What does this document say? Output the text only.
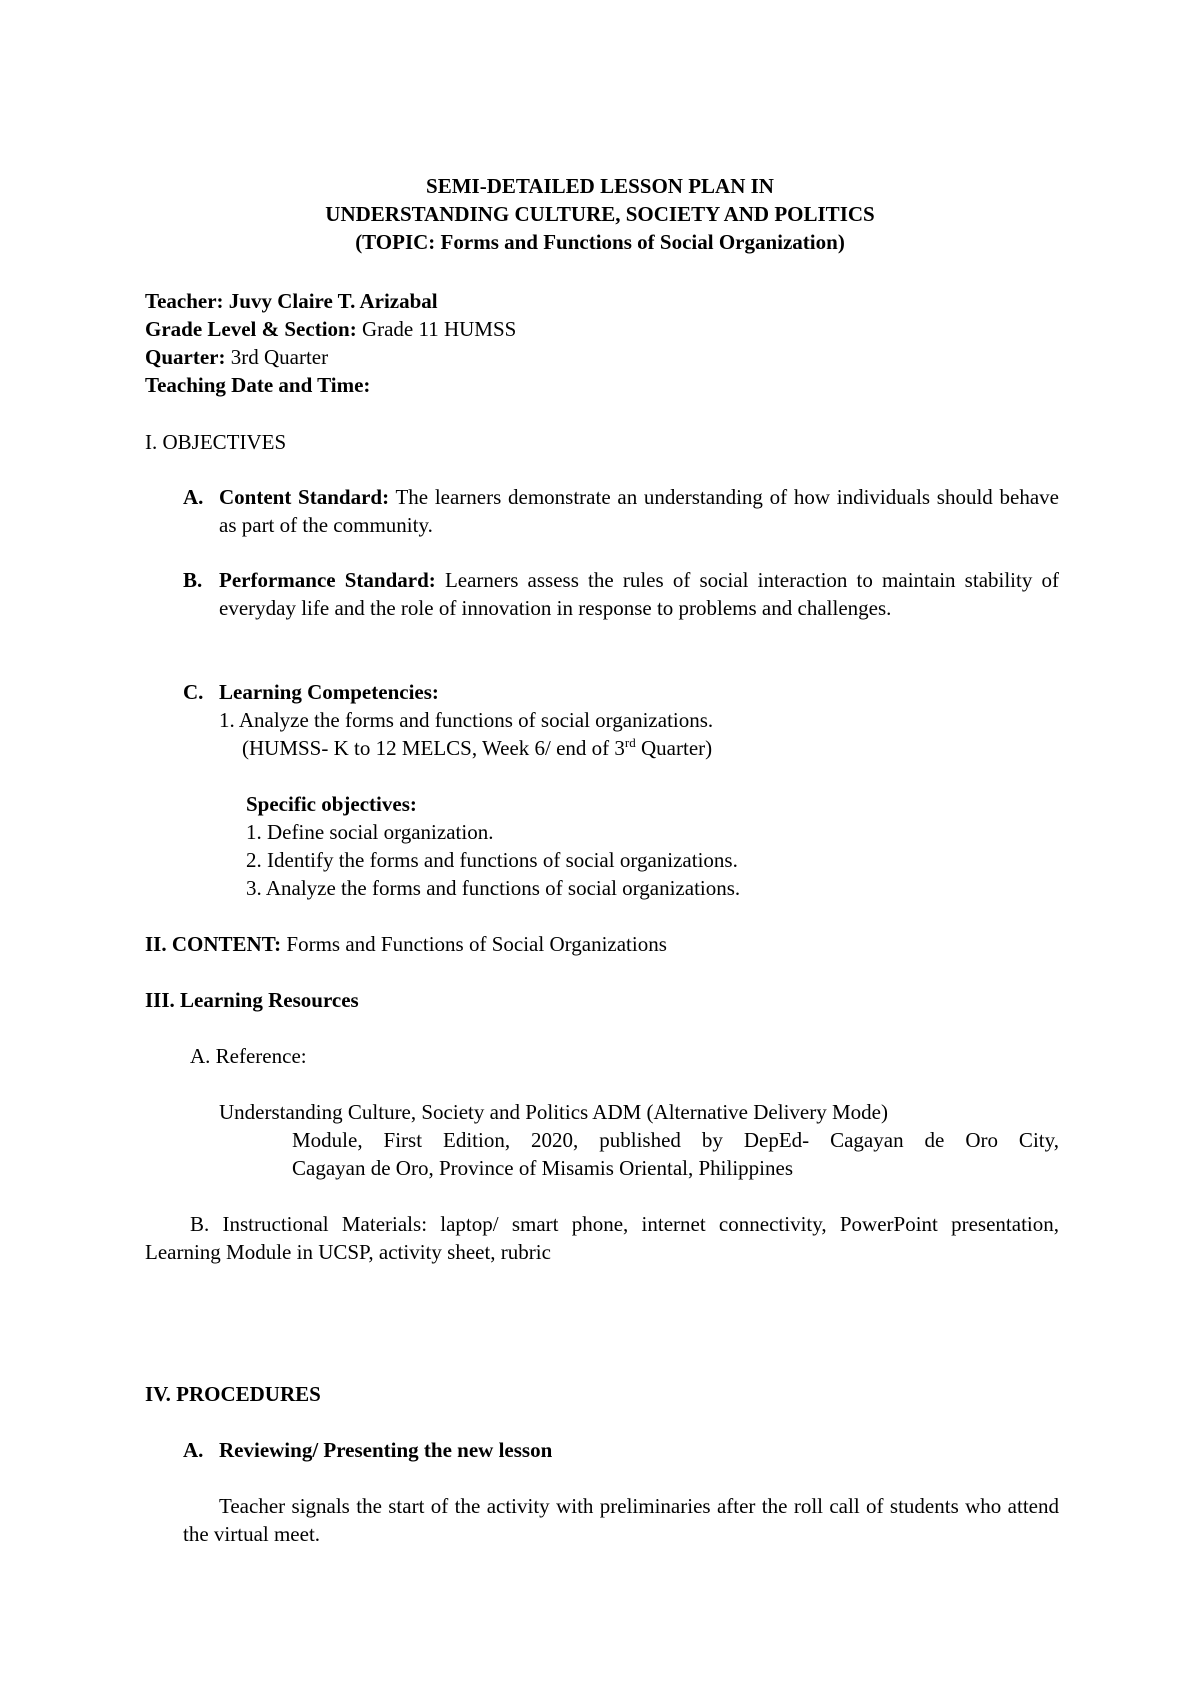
SEMI-DETAILED LESSON PLAN IN
UNDERSTANDING CULTURE, SOCIETY AND POLITICS
(TOPIC: Forms and Functions of Social Organization)
Teacher: Juvy Claire T. Arizabal
Grade Level & Section: Grade 11 HUMSS
Quarter: 3rd Quarter
Teaching Date and Time:
I. OBJECTIVES
A. Content Standard: The learners demonstrate an understanding of how individuals should behave as part of the community.
B. Performance Standard: Learners assess the rules of social interaction to maintain stability of everyday life and the role of innovation in response to problems and challenges.
C. Learning Competencies:
1. Analyze the forms and functions of social organizations.
(HUMSS- K to 12 MELCS, Week 6/ end of 3rd Quarter)
Specific objectives:
1. Define social organization.
2. Identify the forms and functions of social organizations.
3. Analyze the forms and functions of social organizations.
II. CONTENT: Forms and Functions of Social Organizations
III. Learning Resources
A. Reference:
Understanding Culture, Society and Politics ADM (Alternative Delivery Mode)
Module, First Edition, 2020, published by DepEd- Cagayan de Oro City,
Cagayan de Oro, Province of Misamis Oriental, Philippines
B. Instructional Materials: laptop/ smart phone, internet connectivity, PowerPoint presentation, Learning Module in UCSP, activity sheet, rubric
IV. PROCEDURES
A. Reviewing/ Presenting the new lesson
Teacher signals the start of the activity with preliminaries after the roll call of students who attend the virtual meet.
